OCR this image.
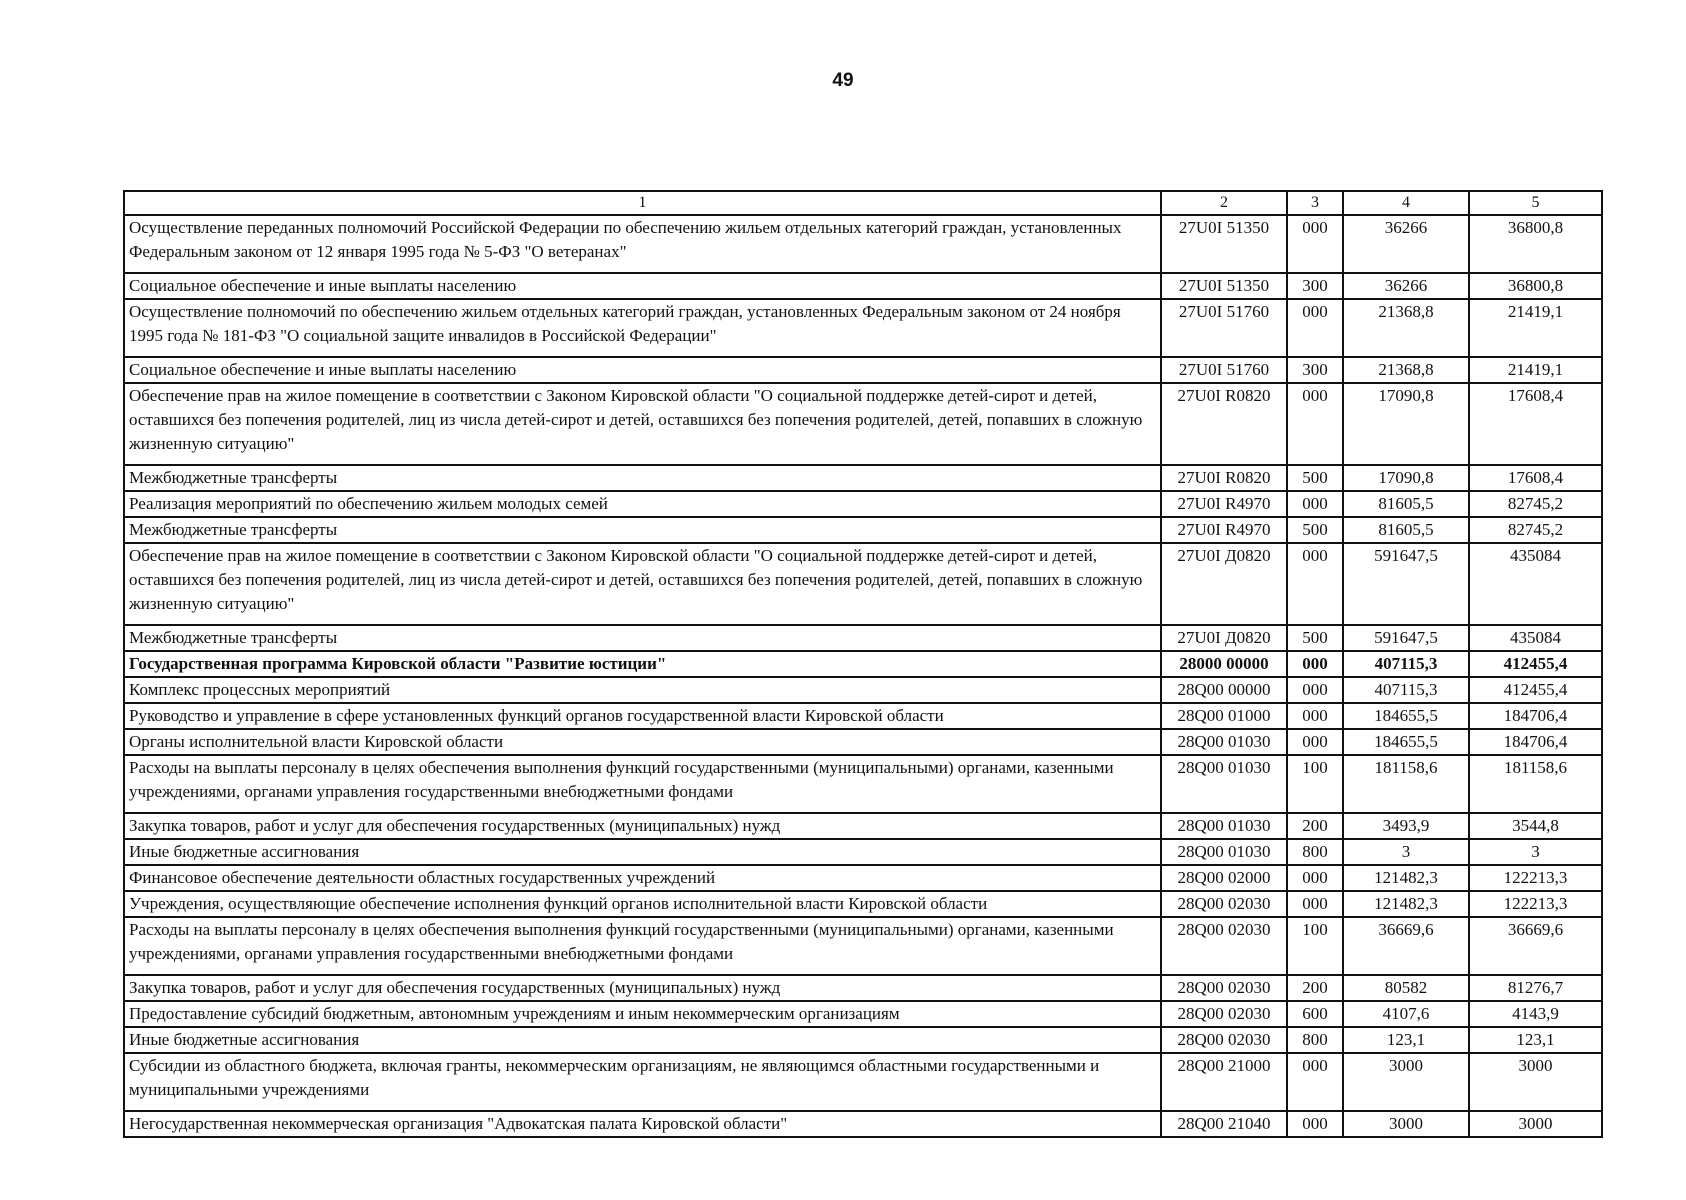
49
1	2	3	4	5
Осуществление переданных полномочий Российской Федерации по обеспечению жильем отдельных категорий граждан, установленных Федеральным законом от 12 января 1995 года № 5-ФЗ "О ветеранах"	27U0I 51350	000	36266	36800,8
Социальное обеспечение и иные выплаты населению	27U0I 51350	300	36266	36800,8
Осуществление полномочий по обеспечению жильем отдельных категорий граждан, установленных Федеральным законом от 24 ноября 1995 года № 181-ФЗ "О социальной защите инвалидов в Российской Федерации"	27U0I 51760	000	21368,8	21419,1
Социальное обеспечение и иные выплаты населению	27U0I 51760	300	21368,8	21419,1
Обеспечение прав на жилое помещение в соответствии с Законом Кировской области "О социальной поддержке детей-сирот и детей, оставшихся без попечения родителей, лиц из числа детей-сирот и детей, оставшихся без попечения родителей, детей, попавших в сложную жизненную ситуацию"	27U0I R0820	000	17090,8	17608,4
Межбюджетные трансферты	27U0I R0820	500	17090,8	17608,4
Реализация мероприятий по обеспечению жильем молодых семей	27U0I R4970	000	81605,5	82745,2
Межбюджетные трансферты	27U0I R4970	500	81605,5	82745,2
Обеспечение прав на жилое помещение в соответствии с Законом Кировской области "О социальной поддержке детей-сирот и детей, оставшихся без попечения родителей, лиц из числа детей-сирот и детей, оставшихся без попечения родителей, детей, попавших в сложную жизненную ситуацию"	27U0I Д0820	000	591647,5	435084
Межбюджетные трансферты	27U0I Д0820	500	591647,5	435084
Государственная программа Кировской области "Развитие юстиции"	28000 00000	000	407115,3	412455,4
Комплекс процессных мероприятий	28Q00 00000	000	407115,3	412455,4
Руководство и управление в сфере установленных функций органов государственной власти Кировской области	28Q00 01000	000	184655,5	184706,4
Органы исполнительной власти Кировской области	28Q00 01030	000	184655,5	184706,4
Расходы на выплаты персоналу в целях обеспечения выполнения функций государственными (муниципальными) органами, казенными учреждениями, органами управления государственными внебюджетными фондами	28Q00 01030	100	181158,6	181158,6
Закупка товаров, работ и услуг для обеспечения государственных (муниципальных) нужд	28Q00 01030	200	3493,9	3544,8
Иные бюджетные ассигнования	28Q00 01030	800	3	3
Финансовое обеспечение деятельности областных государственных учреждений	28Q00 02000	000	121482,3	122213,3
Учреждения, осуществляющие обеспечение исполнения функций органов исполнительной власти Кировской области	28Q00 02030	000	121482,3	122213,3
Расходы на выплаты персоналу в целях обеспечения выполнения функций государственными (муниципальными) органами, казенными учреждениями, органами управления государственными внебюджетными фондами	28Q00 02030	100	36669,6	36669,6
Закупка товаров, работ и услуг для обеспечения государственных (муниципальных) нужд	28Q00 02030	200	80582	81276,7
Предоставление субсидий бюджетным, автономным учреждениям и иным некоммерческим организациям	28Q00 02030	600	4107,6	4143,9
Иные бюджетные ассигнования	28Q00 02030	800	123,1	123,1
Субсидии из областного бюджета, включая гранты, некоммерческим организациям, не являющимся областными государственными и муниципальными учреждениями	28Q00 21000	000	3000	3000
Негосударственная некоммерческая организация "Адвокатская палата Кировской области"	28Q00 21040	000	3000	3000
